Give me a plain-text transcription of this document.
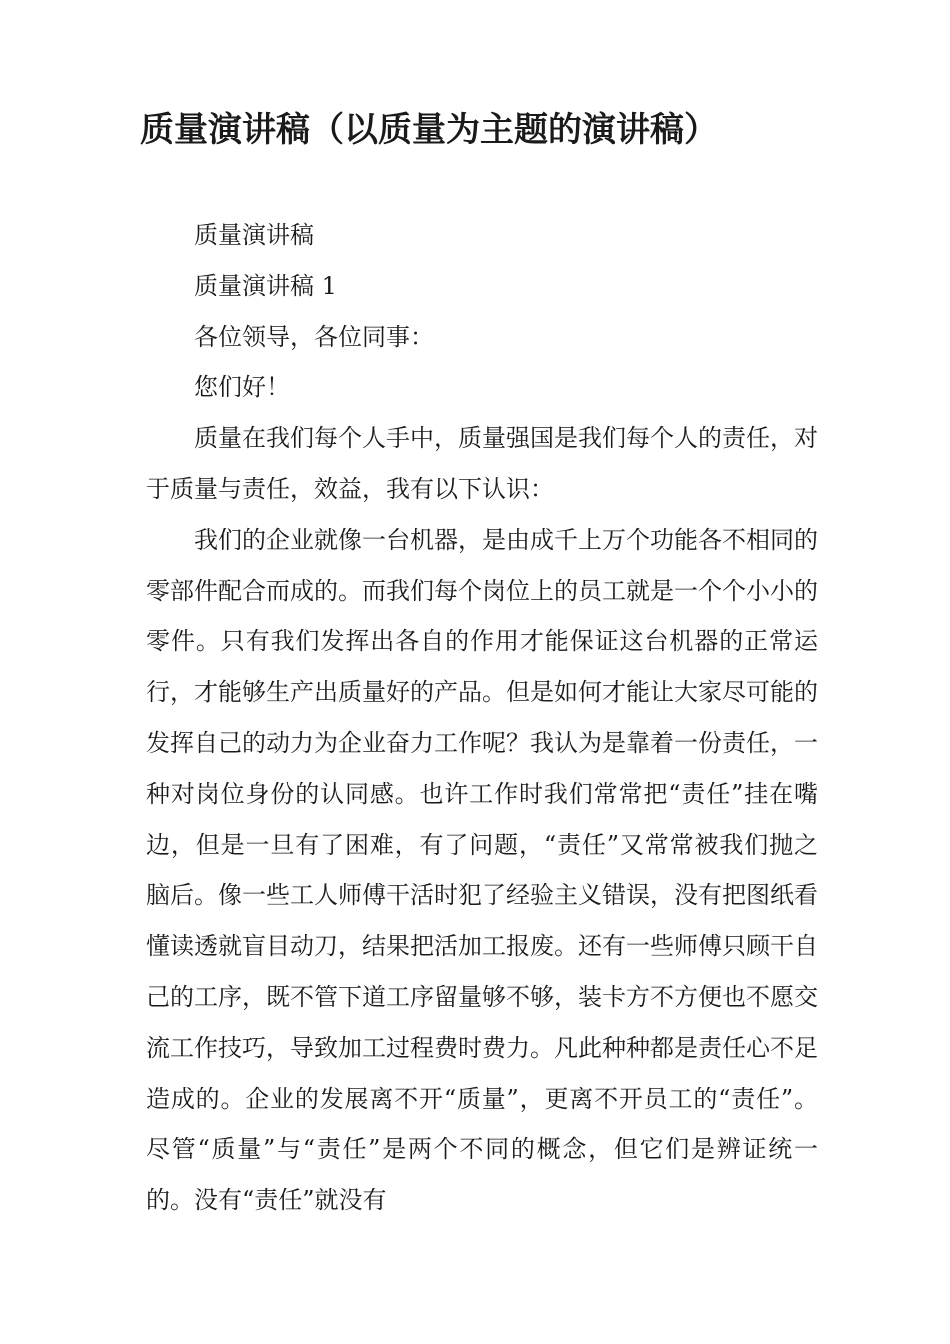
质量演讲稿（以质量为主题的演讲稿）

质量演讲稿

质量演讲稿 1

各位领导，各位同事：

您们好！

质量在我们每个人手中，质量强国是我们每个人的责任，对于质量与责任，效益，我有以下认识：

我们的企业就像一台机器，是由成千上万个功能各不相同的零部件配合而成的。而我们每个岗位上的员工就是一个个小小的零件。只有我们发挥出各自的作用才能保证这台机器的正常运行，才能够生产出质量好的产品。但是如何才能让大家尽可能的发挥自己的动力为企业奋力工作呢？我认为是靠着一份责任，一种对岗位身份的认同感。也许工作时我们常常把“责任”挂在嘴边，但是一旦有了困难，有了问题，“责任”又常常被我们抛之脑后。像一些工人师傅干活时犯了经验主义错误，没有把图纸看懂读透就盲目动刀，结果把活加工报废。还有一些师傅只顾干自己的工序，既不管下道工序留量够不够，装卡方不方便也不愿交流工作技巧，导致加工过程费时费力。凡此种种都是责任心不足造成的。企业的发展离不开“质量”，更离不开员工的“责任”。尽管“质量”与“责任”是两个不同的概念，但它们是辨证统一的。没有“责任”就没有
